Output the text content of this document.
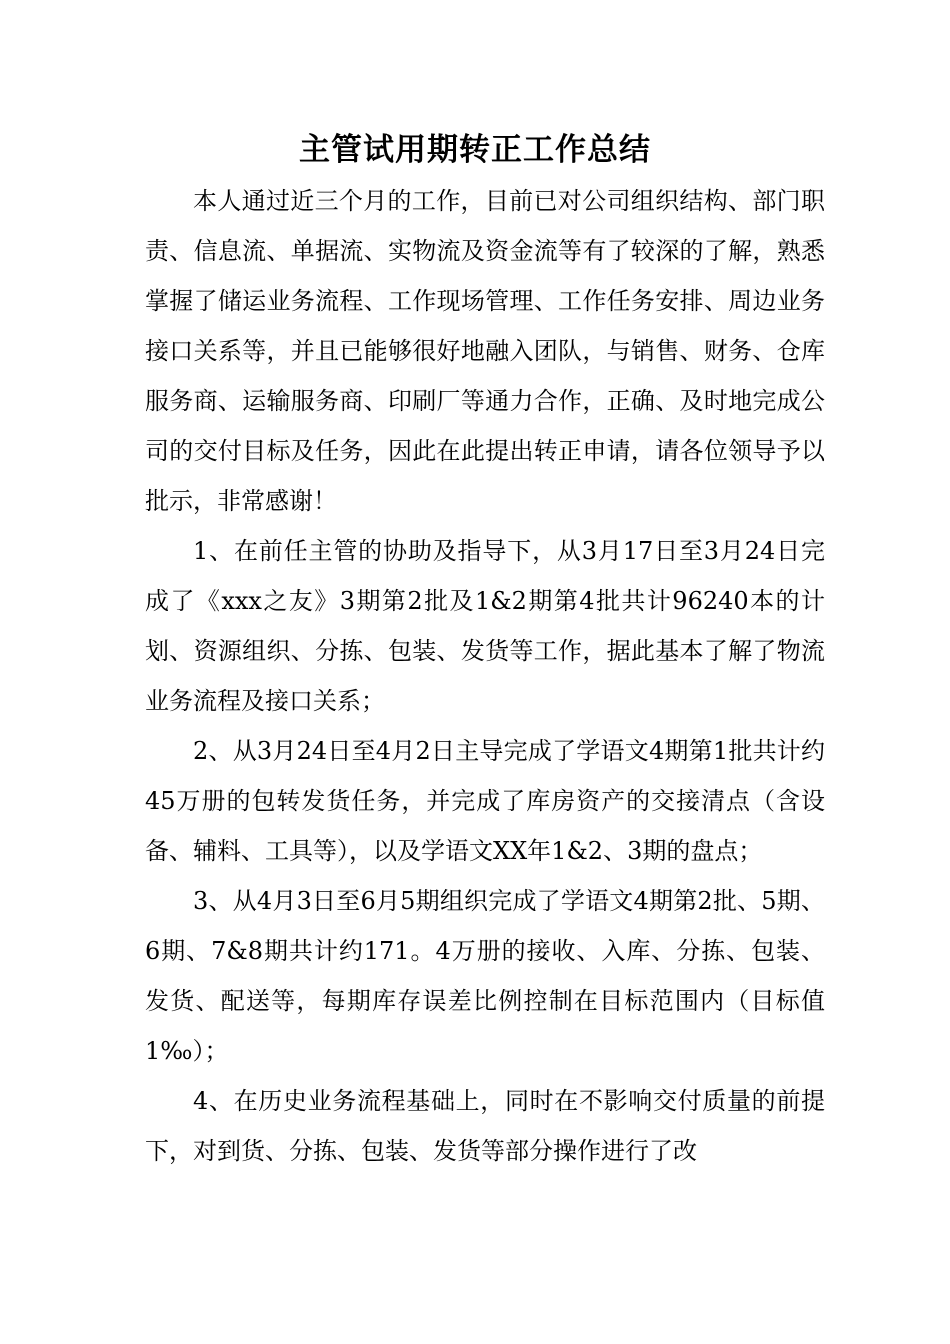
主管试用期转正工作总结

本人通过近三个月的工作，目前已对公司组织结构、部门职责、信息流、单据流、实物流及资金流等有了较深的了解，熟悉掌握了储运业务流程、工作现场管理、工作任务安排、周边业务接口关系等，并且已能够很好地融入团队，与销售、财务、仓库服务商、运输服务商、印刷厂等通力合作，正确、及时地完成公司的交付目标及任务，因此在此提出转正申请，请各位领导予以批示，非常感谢！

1、在前任主管的协助及指导下，从3月17日至3月24日完成了《xxx之友》3期第2批及1&2期第4批共计96240本的计划、资源组织、分拣、包装、发货等工作，据此基本了解了物流业务流程及接口关系；

2、从3月24日至4月2日主导完成了学语文4期第1批共计约45万册的包转发货任务，并完成了库房资产的交接清点（含设备、辅料、工具等），以及学语文XX年1&2、3期的盘点；

3、从4月3日至6月5期组织完成了学语文4期第2批、5期、6期、7&8期共计约171。4万册的接收、入库、分拣、包装、发货、配送等，每期库存误差比例控制在目标范围内（目标值1‰）；

4、在历史业务流程基础上，同时在不影响交付质量的前提下，对到货、分拣、包装、发货等部分操作进行了改
